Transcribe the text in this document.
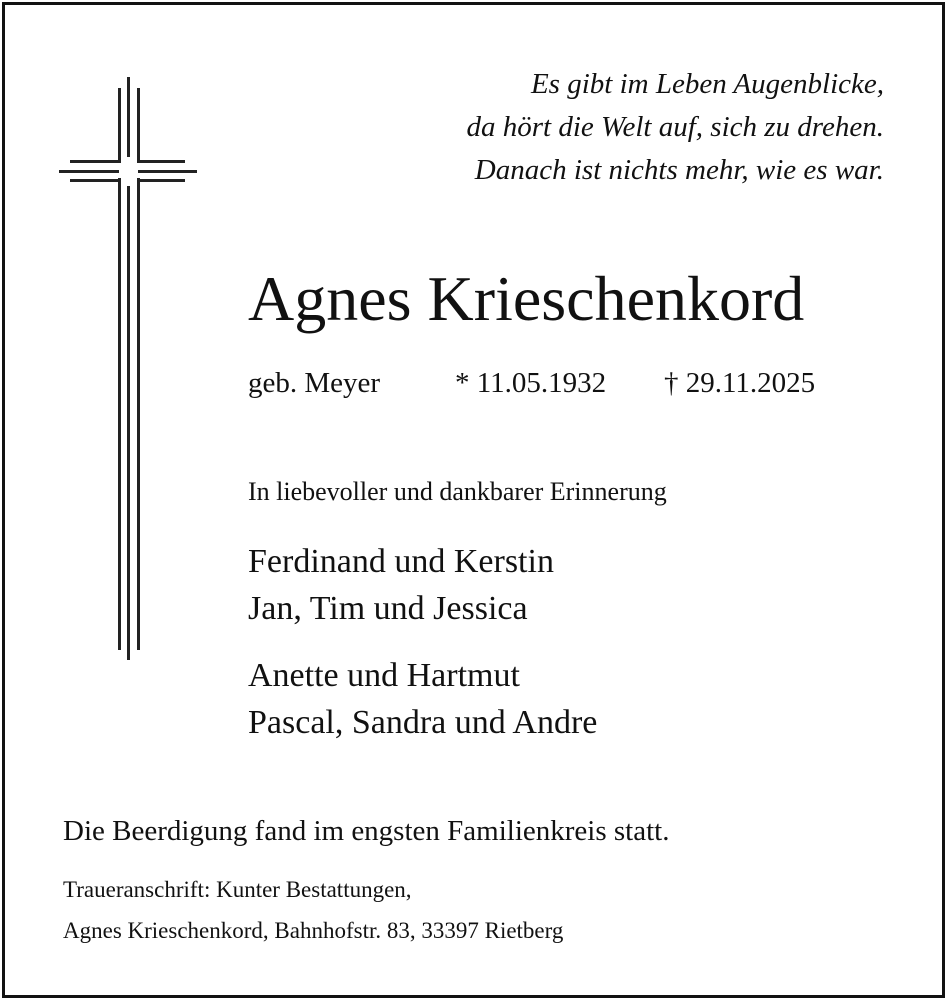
Es gibt im Leben Augenblicke,
da hört die Welt auf, sich zu drehen.
Danach ist nichts mehr, wie es war.
Agnes Krieschenkord
geb. Meyer	* 11.05.1932 † 29.11.2025
In liebevoller und dankbarer Erinnerung
Ferdinand und Kerstin
Jan, Tim und Jessica
Anette und Hartmut
Pascal, Sandra und Andre
Die Beerdigung fand im engsten Familienkreis statt.
Traueranschrift: Kunter Bestattungen,
Agnes Krieschenkord, Bahnhofstr. 83, 33397 Rietberg
